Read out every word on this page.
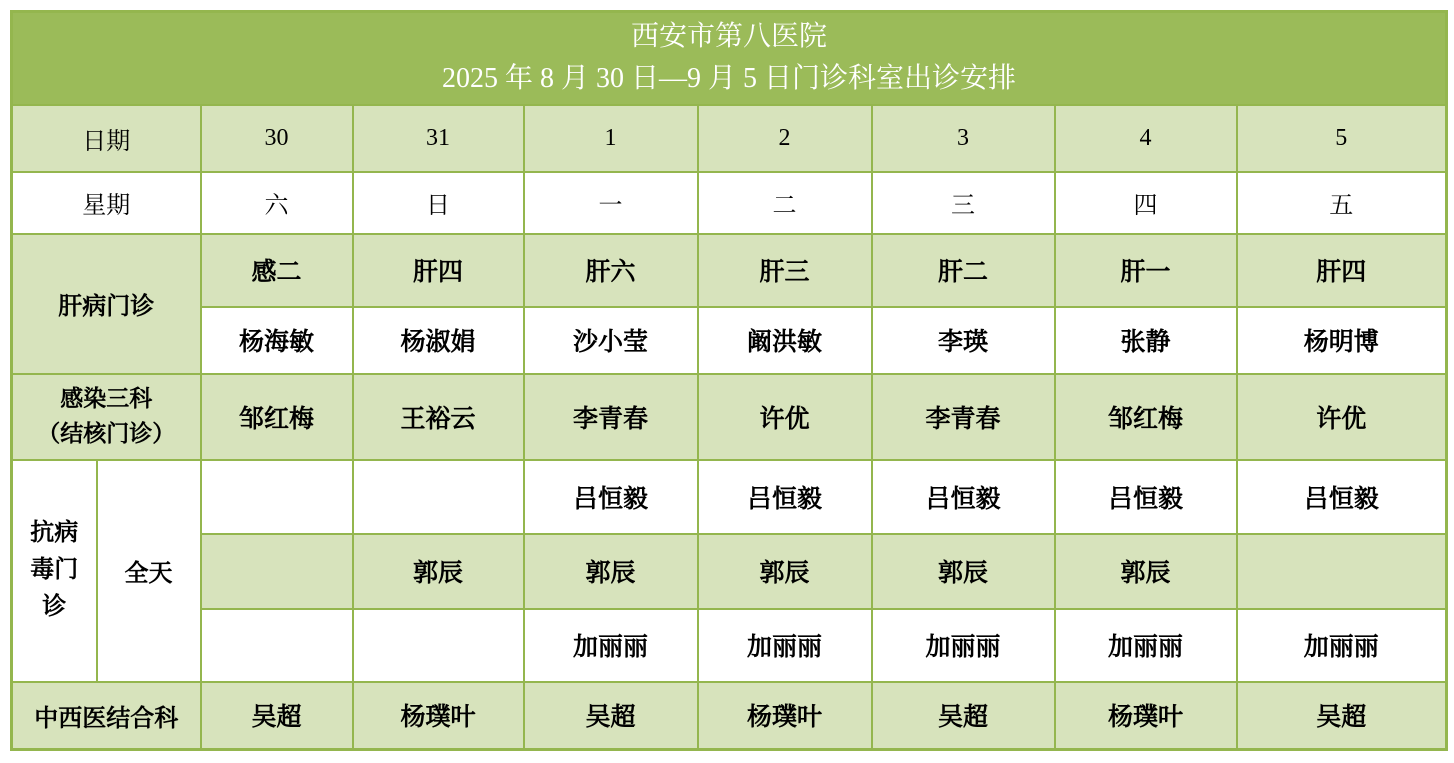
西安市第八医院
2025 年 8 月 30 日—9 月 5 日门诊科室出诊安排								

日期		30	31	1	2	3	4	5
星期		六	日	一	二	三	四	五
肝病门诊		感二	肝四	肝六	肝三	肝二	肝一	肝四
		杨海敏	杨淑娟	沙小莹	阚洪敏	李瑛	张静	杨明博
感染三科
（结核门诊）		邹红梅	王裕云	李青春	许优	李青春	邹红梅	许优
抗病毒门诊	全天			吕恒毅	吕恒毅	吕恒毅	吕恒毅	吕恒毅
			郭辰	郭辰	郭辰	郭辰	郭辰	
				加丽丽	加丽丽	加丽丽	加丽丽	加丽丽
中西医结合科		吴超	杨璞叶	吴超	杨璞叶	吴超	杨璞叶	吴超
